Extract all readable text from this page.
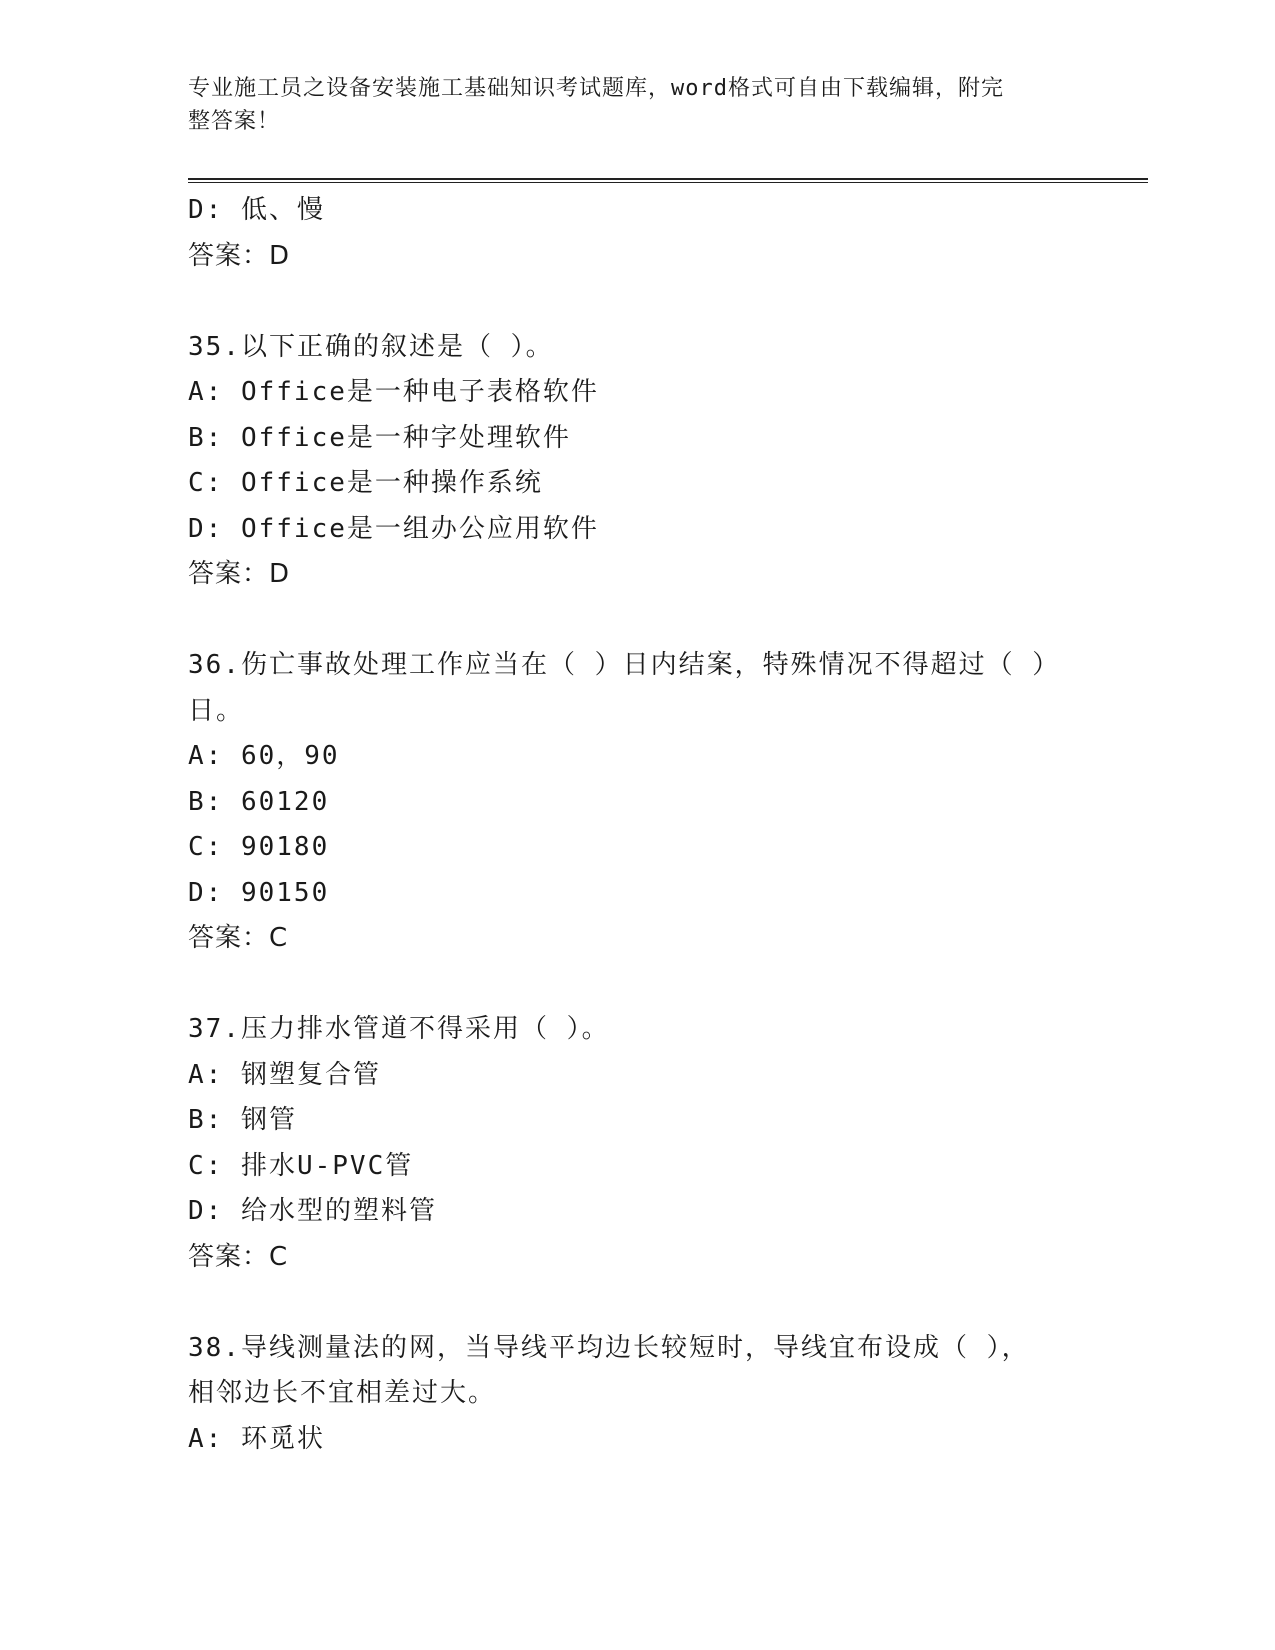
专业施工员之设备安装施工基础知识考试题库，word格式可自由下载编辑，附完
整答案！
D: 低、慢
答案：D
35.以下正确的叙述是（ ）。
A: Office是一种电子表格软件
B: Office是一种字处理软件
C: Office是一种操作系统
D: Office是一组办公应用软件
答案：D
36.伤亡事故处理工作应当在（ ）日内结案，特殊情况不得超过（ ）
日。
A: 60，90
B: 60120
C: 90180
D: 90150
答案：C
37.压力排水管道不得采用（ ）。
A: 钢塑复合管
B: 钢管
C: 排水U-PVC管
D: 给水型的塑料管
答案：C
38.导线测量法的网，当导线平均边长较短时，导线宜布设成（ ），
相邻边长不宜相差过大。
A: 环觅状
